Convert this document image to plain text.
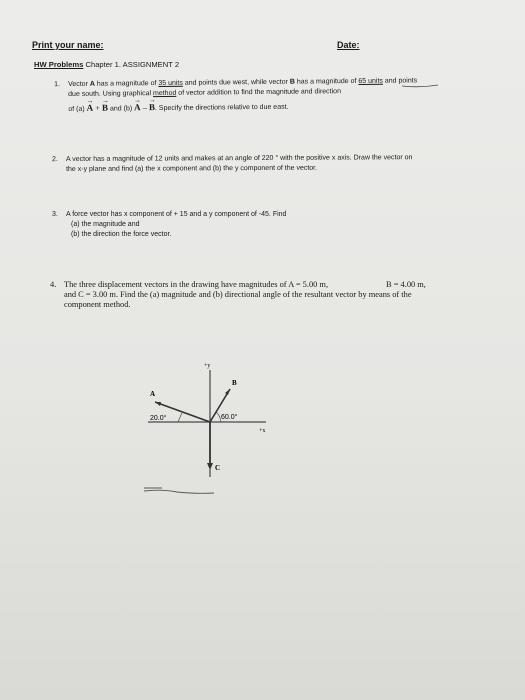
Print your name:	Date:
HW Problems Chapter 1. ASSIGNMENT 2
1. Vector A has a magnitude of 35 units and points due west, while vector B has a magnitude of 65 units and points
due south. Using graphical method of vector addition to find the magnitude and direction
of (a) → A + → B and (b) → A – → B. Specify the directions relative to due east.
2. A vector has a magnitude of 12 units and makes at an angle of 220 ° with the positive x axis. Draw the vector on
the x-y plane and find (a) the x component and (b) the y component of the vector.
3. A force vector has x component of + 15 and a y component of -45. Find
(a) the magnitude and
(b) the direction the force vector.
4. The three displacement vectors in the drawing have magnitudes of A = 5.00 m,	B = 4.00 m,
and C = 3.00 m. Find the (a) magnitude and (b) directional angle of the resultant vector by means of the
component method.
+y
+x
B
A
C
20.0°	60.0°
